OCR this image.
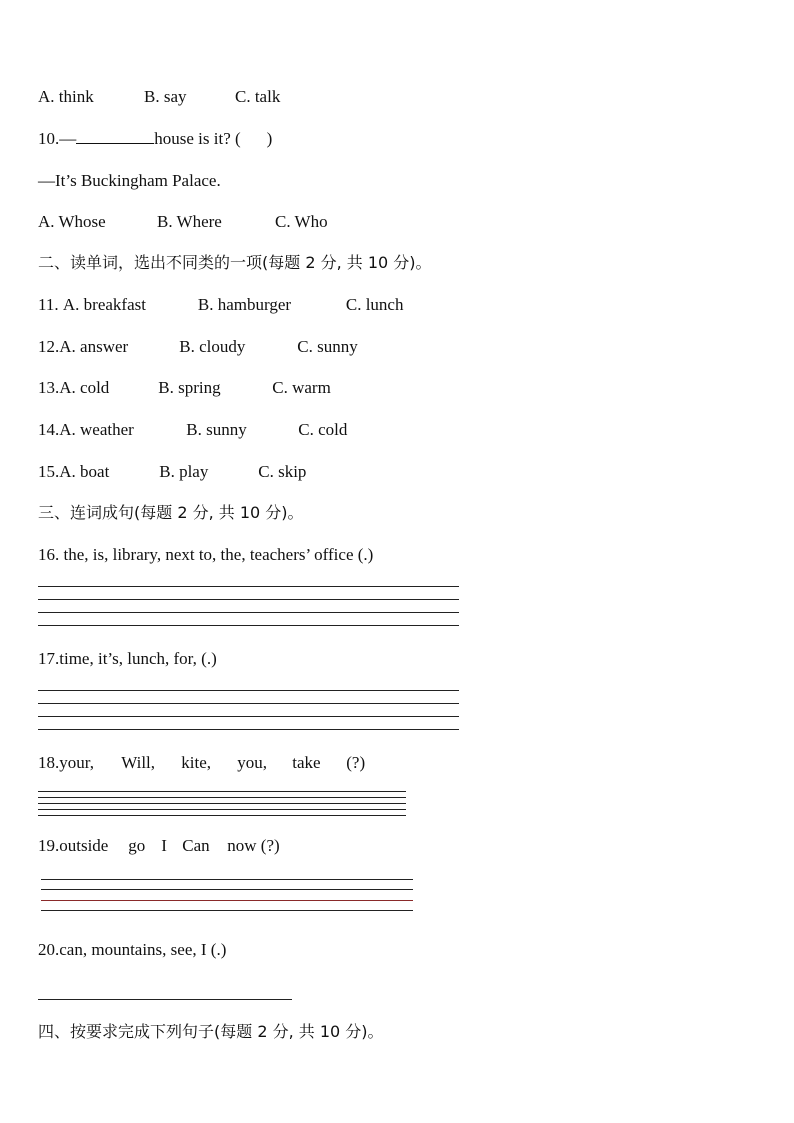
A. think	B. say	C. talk
10.—	house is it? ( )
—It’s Buckingham Palace.
A. Whose	B. Where	C. Who
二、读单词，选出不同类的一项(每题 2 分, 共 10 分)。
11. A. breakfast	B. hamburger	C. lunch
12.A. answer	B. cloudy	C. sunny
13.A. cold	B. spring	C. warm
14.A. weather	B. sunny	C. cold
15.A. boat	B. play	C. skip
三、连词成句(每题 2 分, 共 10 分)。
16. the, is, library, next to, the, teachers’ office (.)
17.time, it’s, lunch, for, (.)
18.your, Will, kite, you, take (?)
19.outside go I Can now (?)
20.can, mountains, see, I (.)
四、按要求完成下列句子(每题 2 分, 共 10 分)。
